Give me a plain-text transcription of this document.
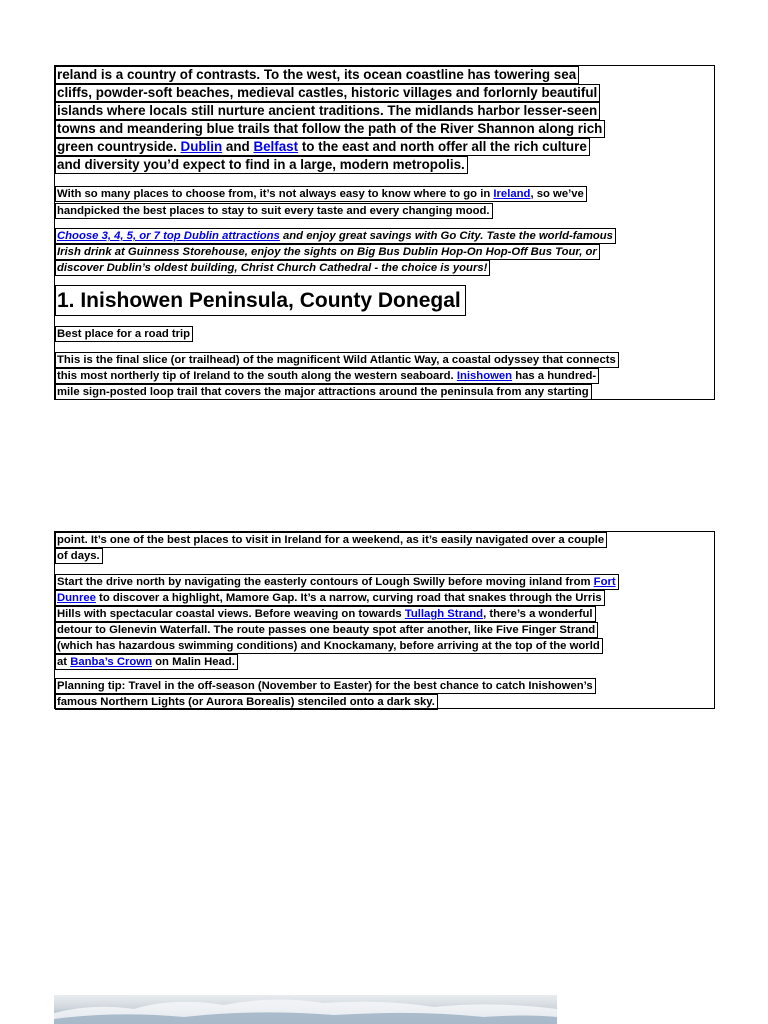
reland is a country of contrasts. To the west, its ocean coastline has towering sea
cliffs, powder-soft beaches, medieval castles, historic villages and forlornly beautiful
islands where locals still nurture ancient traditions. The midlands harbor lesser-seen
towns and meandering blue trails that follow the path of the River Shannon along rich
green countryside. Dublin and Belfast to the east and north offer all the rich culture
and diversity you’d expect to find in a large, modern metropolis.
With so many places to choose from, it’s not always easy to know where to go in Ireland, so we’ve
handpicked the best places to stay to suit every taste and every changing mood.
Choose 3, 4, 5, or 7 top Dublin attractions and enjoy great savings with Go City. Taste the world-famous
Irish drink at Guinness Storehouse, enjoy the sights on Big Bus Dublin Hop-On Hop-Off Bus Tour, or
discover Dublin’s oldest building, Christ Church Cathedral - the choice is yours!
1. Inishowen Peninsula, County Donegal
Best place for a road trip
This is the final slice (or trailhead) of the magnificent Wild Atlantic Way, a coastal odyssey that connects
this most northerly tip of Ireland to the south along the western seaboard. Inishowen has a hundred-
mile sign-posted loop trail that covers the major attractions around the peninsula from any starting
point. It’s one of the best places to visit in Ireland for a weekend, as it’s easily navigated over a couple
of days.
Start the drive north by navigating the easterly contours of Lough Swilly before moving inland from Fort
Dunree to discover a highlight, Mamore Gap. It’s a narrow, curving road that snakes through the Urris
Hills with spectacular coastal views. Before weaving on towards Tullagh Strand, there’s a wonderful
detour to Glenevin Waterfall. The route passes one beauty spot after another, like Five Finger Strand
(which has hazardous swimming conditions) and Knockamany, before arriving at the top of the world
at Banba’s Crown on Malin Head.
Planning tip: Travel in the off-season (November to Easter) for the best chance to catch Inishowen’s
famous Northern Lights (or Aurora Borealis) stenciled onto a dark sky.
